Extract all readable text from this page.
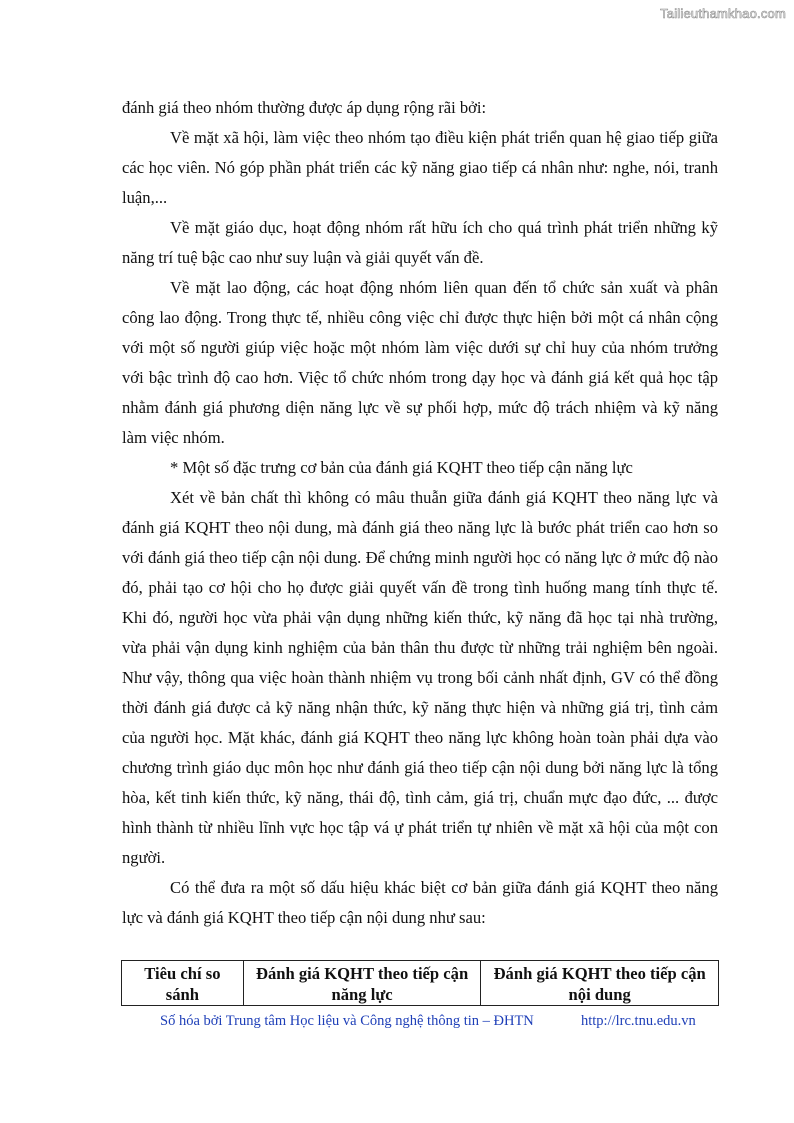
Tailieuthamkhao.com

đánh giá theo nhóm thường được áp dụng rộng rãi bởi:

Về mặt xã hội, làm việc theo nhóm tạo điều kiện phát triển quan hệ giao tiếp giữa các học viên. Nó góp phần phát triển các kỹ năng giao tiếp cá nhân như: nghe, nói, tranh luận,...

Về mặt giáo dục, hoạt động nhóm rất hữu ích cho quá trình phát triển những kỹ năng trí tuệ bậc cao như suy luận và giải quyết vấn đề.

Về mặt lao động, các hoạt động nhóm liên quan đến tổ chức sản xuất và phân công lao động. Trong thực tế, nhiều công việc chỉ được thực hiện bởi một cá nhân cộng với một số người giúp việc hoặc một nhóm làm việc dưới sự chỉ huy của nhóm trưởng với bậc trình độ cao hơn. Việc tổ chức nhóm trong dạy học và đánh giá kết quả học tập nhằm đánh giá phương diện năng lực về sự phối hợp, mức độ trách nhiệm và kỹ năng làm việc nhóm.

* Một số đặc trưng cơ bản của đánh giá KQHT theo tiếp cận năng lực

Xét về bản chất thì không có mâu thuẫn giữa đánh giá KQHT theo năng lực và đánh giá KQHT theo nội dung, mà đánh giá theo năng lực là bước phát triển cao hơn so với đánh giá theo tiếp cận nội dung. Để chứng minh người học có năng lực ở mức độ nào đó, phải tạo cơ hội cho họ được giải quyết vấn đề trong tình huống mang tính thực tế. Khi đó, người học vừa phải vận dụng những kiến thức, kỹ năng đã học tại nhà trường, vừa phải vận dụng kinh nghiệm của bản thân thu được từ những trải nghiệm bên ngoài. Như vậy, thông qua việc hoàn thành nhiệm vụ trong bối cảnh nhất định, GV có thể đồng thời đánh giá được cả kỹ năng nhận thức, kỹ năng thực hiện và những giá trị, tình cảm của người học. Mặt khác, đánh giá KQHT theo năng lực không hoàn toàn phải dựa vào chương trình giáo dục môn học như đánh giá theo tiếp cận nội dung bởi năng lực là tổng hòa, kết tinh kiến thức, kỹ năng, thái độ, tình cảm, giá trị, chuẩn mực đạo đức, ... được hình thành từ nhiều lĩnh vực học tập vá ự phát triển tự nhiên về mặt xã hội của một con người.

Có thể đưa ra một số dấu hiệu khác biệt cơ bản giữa đánh giá KQHT theo năng lực và đánh giá KQHT theo tiếp cận nội dung như sau:

Tiêu chí so sánh	Đánh giá KQHT theo tiếp cận năng lực	Đánh giá KQHT theo tiếp cận nội dung
Số hóa bởi Trung tâm Học liệu và Công nghệ thông tin – ĐHTN	http://lrc.tnu.edu.vn
